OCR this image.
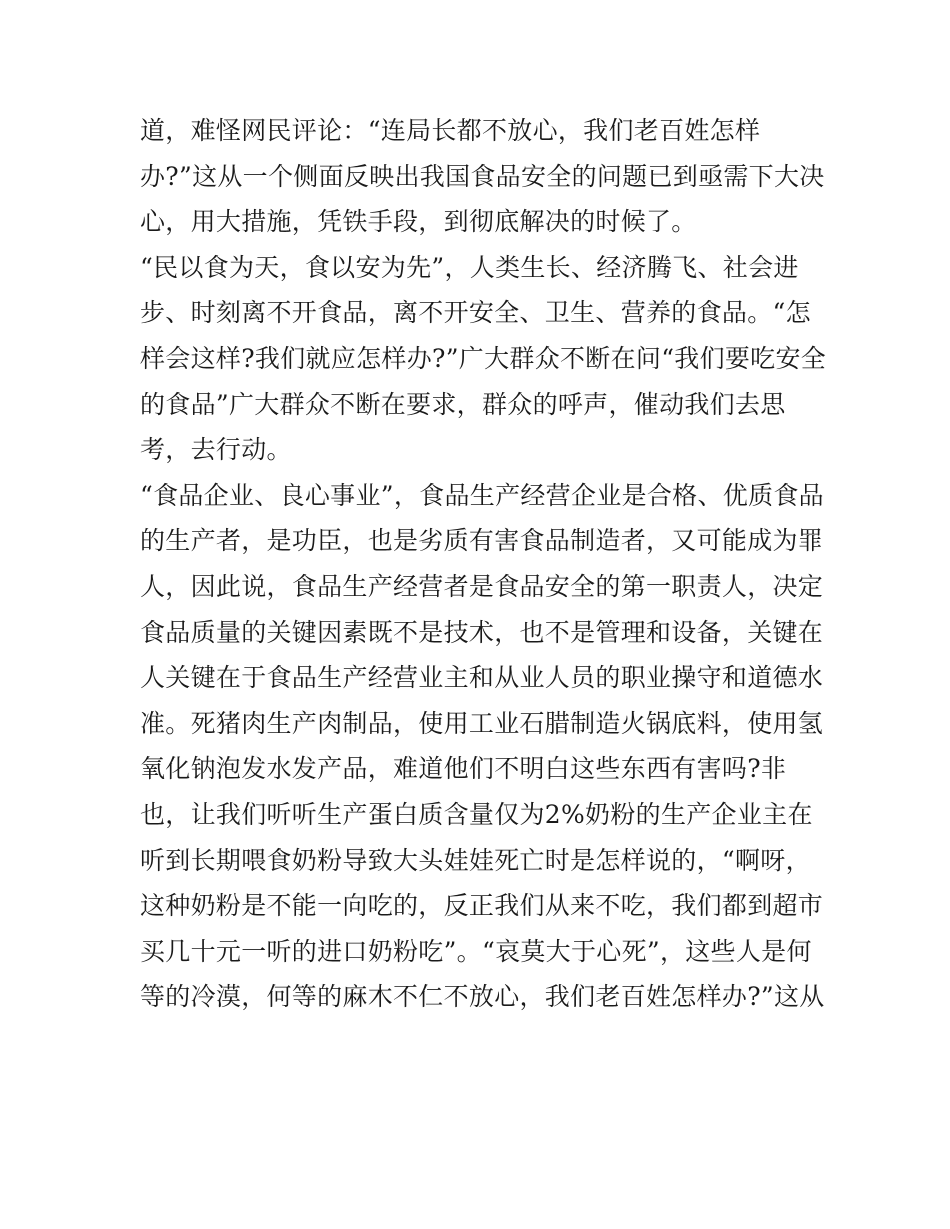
道，难怪网民评论：“连局长都不放心，我们老百姓怎样
办?”这从一个侧面反映出我国食品安全的问题已到亟需下大决
心，用大措施，凭铁手段，到彻底解决的时候了。
“民以食为天，食以安为先”，人类生长、经济腾飞、社会进
步、时刻离不开食品，离不开安全、卫生、营养的食品。“怎
样会这样?我们就应怎样办?”广大群众不断在问“我们要吃安全
的食品”广大群众不断在要求，群众的呼声，催动我们去思
考，去行动。
“食品企业、良心事业”，食品生产经营企业是合格、优质食品
的生产者，是功臣，也是劣质有害食品制造者，又可能成为罪
人，因此说，食品生产经营者是食品安全的第一职责人，决定
食品质量的关键因素既不是技术，也不是管理和设备，关键在
人关键在于食品生产经营业主和从业人员的职业操守和道德水
准。死猪肉生产肉制品，使用工业石腊制造火锅底料，使用氢
氧化钠泡发水发产品，难道他们不明白这些东西有害吗?非
也，让我们听听生产蛋白质含量仅为2%奶粉的生产企业主在
听到长期喂食奶粉导致大头娃娃死亡时是怎样说的，“啊呀，
这种奶粉是不能一向吃的，反正我们从来不吃，我们都到超市
买几十元一听的进口奶粉吃”。“哀莫大于心死”，这些人是何
等的冷漠，何等的麻木不仁不放心，我们老百姓怎样办?”这从
